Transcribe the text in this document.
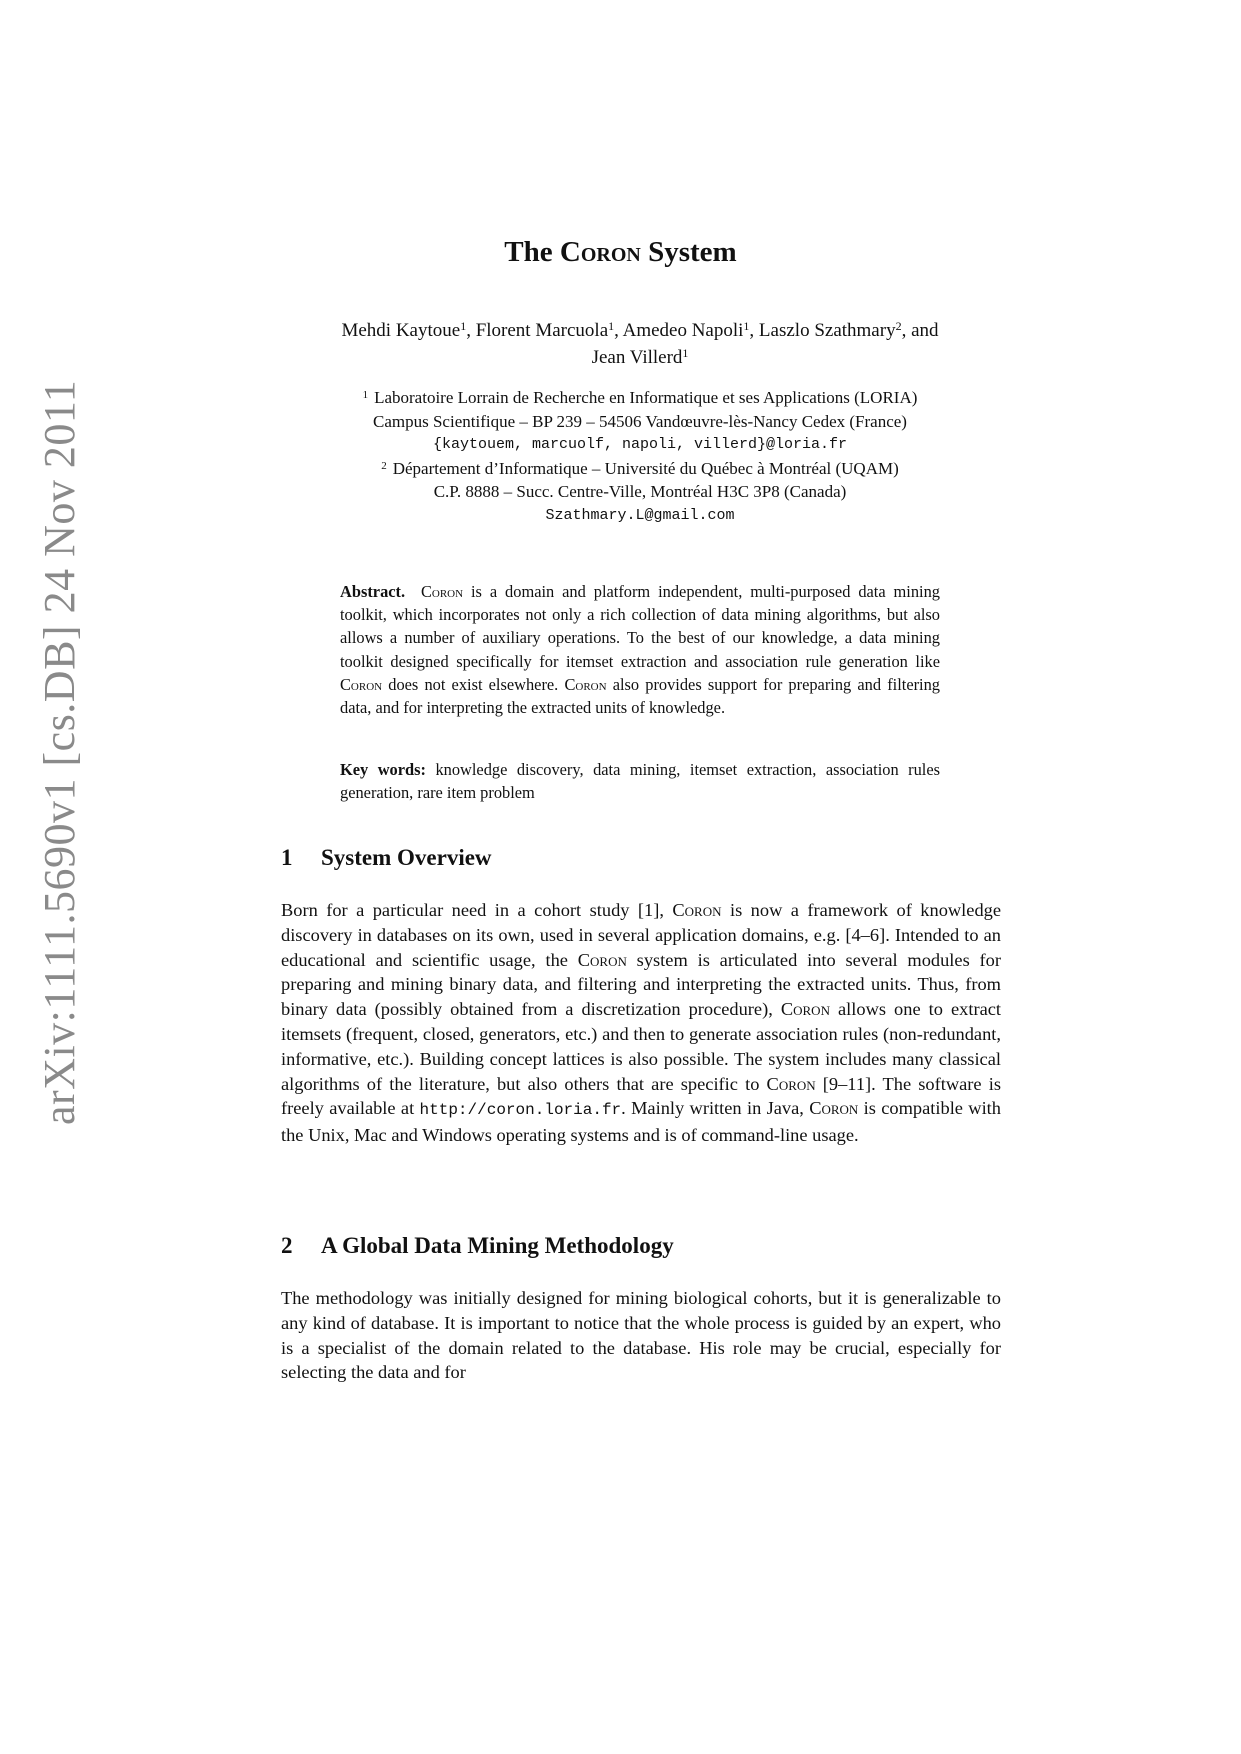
arXiv:1111.5690v1 [cs.DB] 24 Nov 2011
The Coron System
Mehdi Kaytoue$^1$, Florent Marcuola$^1$, Amedeo Napoli$^1$, Laszlo Szathmary$^2$, and
Jean Villerd$^1$
$^1$ Laboratoire Lorrain de Recherche en Informatique et ses Applications (LORIA)
Campus Scientifique – BP 239 – 54506 Vandœuvre-lès-Nancy Cedex (France)
{kaytouem, marcuolf, napoli, villerd}@loria.fr
$^2$ Département d’Informatique – Université du Québec à Montréal (UQAM)
C.P. 8888 – Succ. Centre-Ville, Montréal H3C 3P8 (Canada)
Szathmary.L@gmail.com
Abstract. Coron is a domain and platform independent, multi-purposed data mining toolkit, which incorporates not only a rich collection of data mining algorithms, but also allows a number of auxiliary operations. To the best of our knowledge, a data mining toolkit designed specifically for itemset extraction and association rule generation like Coron does not exist elsewhere. Coron also provides support for preparing and filtering data, and for interpreting the extracted units of knowledge.
Key words: knowledge discovery, data mining, itemset extraction, association rules generation, rare item problem
1 System Overview
Born for a particular need in a cohort study [1], Coron is now a framework of knowledge discovery in databases on its own, used in several application domains, e.g. [4–6]. Intended to an educational and scientific usage, the Coron system is articulated into several modules for preparing and mining binary data, and filtering and interpreting the extracted units. Thus, from binary data (possibly obtained from a discretization procedure), Coron allows one to extract itemsets (frequent, closed, generators, etc.) and then to generate association rules (non-redundant, informative, etc.). Building concept lattices is also possible. The system includes many classical algorithms of the literature, but also others that are specific to Coron [9–11]. The software is freely available at http://coron.loria.fr. Mainly written in Java, Coron is compatible with the Unix, Mac and Windows operating systems and is of command-line usage.
2 A Global Data Mining Methodology
The methodology was initially designed for mining biological cohorts, but it is generalizable to any kind of database. It is important to notice that the whole process is guided by an expert, who is a specialist of the domain related to the database. His role may be crucial, especially for selecting the data and for
